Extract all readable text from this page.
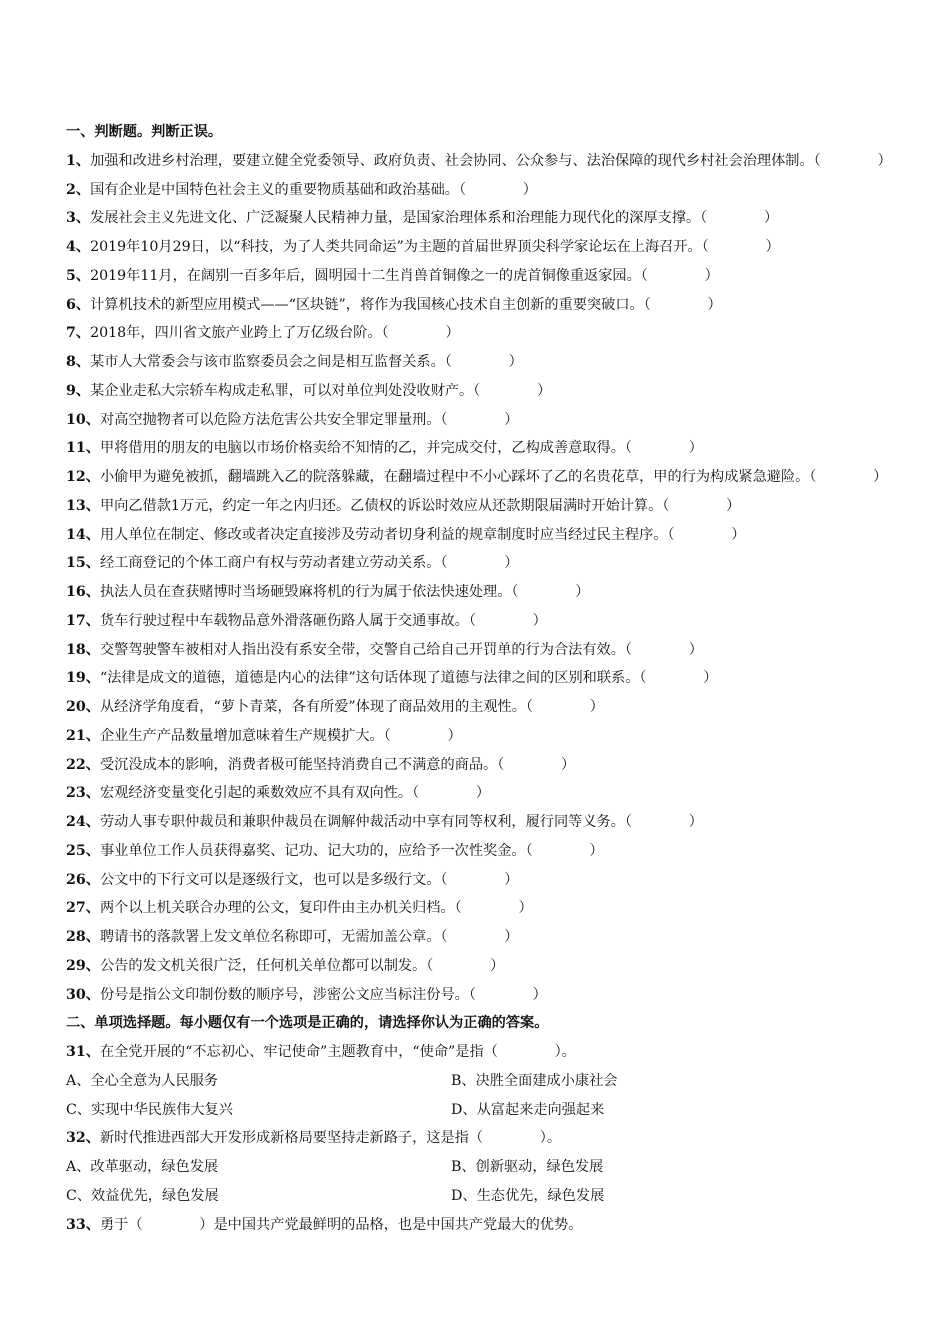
一、判断题。判断正误。
1、加强和改进乡村治理，要建立健全党委领导、政府负责、社会协同、公众参与、法治保障的现代乡村社会治理体制。（　　　　）
2、国有企业是中国特色社会主义的重要物质基础和政治基础。（　　　　）
3、发展社会主义先进文化、广泛凝聚人民精神力量，是国家治理体系和治理能力现代化的深厚支撑。（　　　　）
4、2019年10月29日，以“科技，为了人类共同命运”为主题的首届世界顶尖科学家论坛在上海召开。（　　　　）
5、2019年11月，在阔别一百多年后，圆明园十二生肖兽首铜像之一的虎首铜像重返家园。（　　　　）
6、计算机技术的新型应用模式——“区块链”，将作为我国核心技术自主创新的重要突破口。（　　　　）
7、2018年，四川省文旅产业跨上了万亿级台阶。（　　　　）
8、某市人大常委会与该市监察委员会之间是相互监督关系。（　　　　）
9、某企业走私大宗轿车构成走私罪，可以对单位判处没收财产。（　　　　）
10、对高空抛物者可以危险方法危害公共安全罪定罪量刑。（　　　　）
11、甲将借用的朋友的电脑以市场价格卖给不知情的乙，并完成交付，乙构成善意取得。（　　　　）
12、小偷甲为避免被抓，翻墙跳入乙的院落躲藏，在翻墙过程中不小心踩坏了乙的名贵花草，甲的行为构成紧急避险。（　　　　）
13、甲向乙借款1万元，约定一年之内归还。乙债权的诉讼时效应从还款期限届满时开始计算。（　　　　）
14、用人单位在制定、修改或者决定直接涉及劳动者切身利益的规章制度时应当经过民主程序。（　　　　）
15、经工商登记的个体工商户有权与劳动者建立劳动关系。（　　　　）
16、执法人员在查获赌博时当场砸毁麻将机的行为属于依法快速处理。（　　　　）
17、货车行驶过程中车载物品意外滑落砸伤路人属于交通事故。（　　　　）
18、交警驾驶警车被相对人指出没有系安全带，交警自己给自己开罚单的行为合法有效。（　　　　）
19、“法律是成文的道德，道德是内心的法律”这句话体现了道德与法律之间的区别和联系。（　　　　）
20、从经济学角度看，“萝卜青菜，各有所爱”体现了商品效用的主观性。（　　　　）
21、企业生产产品数量增加意味着生产规模扩大。（　　　　）
22、受沉没成本的影响，消费者极可能坚持消费自己不满意的商品。（　　　　）
23、宏观经济变量变化引起的乘数效应不具有双向性。（　　　　）
24、劳动人事专职仲裁员和兼职仲裁员在调解仲裁活动中享有同等权利，履行同等义务。（　　　　）
25、事业单位工作人员获得嘉奖、记功、记大功的，应给予一次性奖金。（　　　　）
26、公文中的下行文可以是逐级行文，也可以是多级行文。（　　　　）
27、两个以上机关联合办理的公文，复印件由主办机关归档。（　　　　）
28、聘请书的落款署上发文单位名称即可，无需加盖公章。（　　　　）
29、公告的发文机关很广泛，任何机关单位都可以制发。（　　　　）
30、份号是指公文印制份数的顺序号，涉密公文应当标注份号。（　　　　）
二、单项选择题。每小题仅有一个选项是正确的，请选择你认为正确的答案。
31、在全党开展的“不忘初心、牢记使命”主题教育中，“使命”是指（　　　　）。
A、全心全意为人民服务	B、决胜全面建成小康社会
C、实现中华民族伟大复兴	D、从富起来走向强起来
32、新时代推进西部大开发形成新格局要坚持走新路子，这是指（　　　　）。
A、改革驱动，绿色发展	B、创新驱动，绿色发展
C、效益优先，绿色发展	D、生态优先，绿色发展
33、勇于（　　　　）是中国共产党最鲜明的品格，也是中国共产党最大的优势。
